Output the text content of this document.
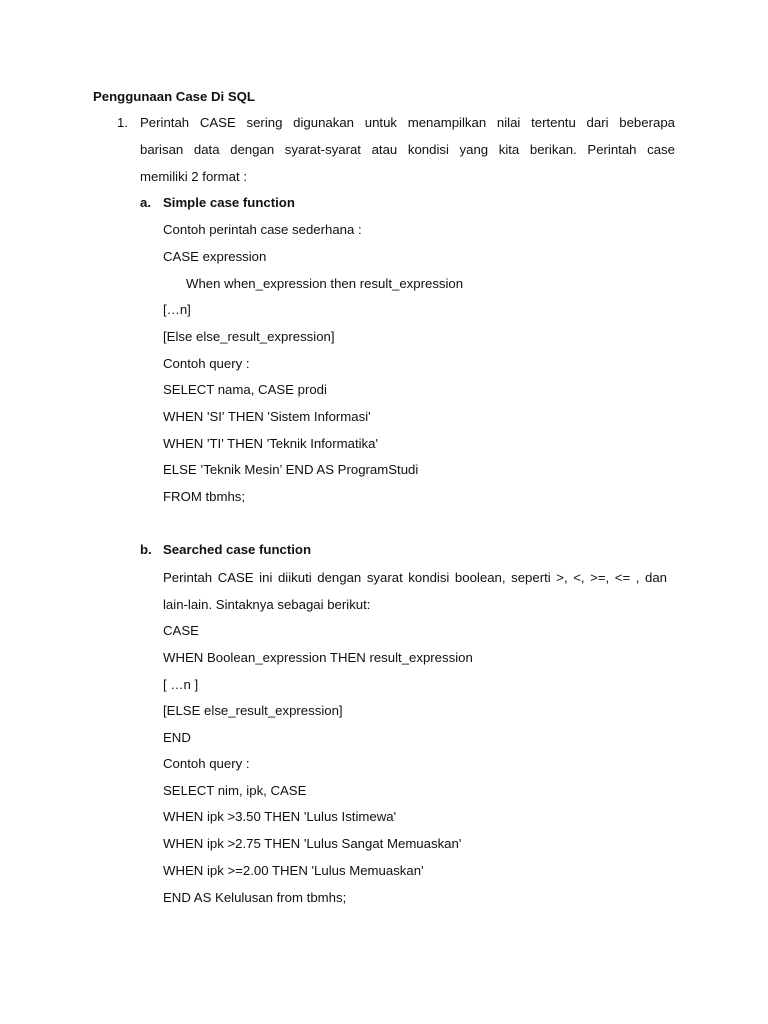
Penggunaan Case Di SQL
1. Perintah CASE sering digunakan untuk menampilkan nilai tertentu dari beberapa
barisan data dengan syarat-syarat atau kondisi yang kita berikan. Perintah case
memiliki 2 format :
a. Simple case function
Contoh perintah case sederhana :
CASE expression
When when_expression then result_expression
[…n]
[Else else_result_expression]
Contoh query :
SELECT nama, CASE prodi
WHEN 'SI' THEN 'Sistem Informasi'
WHEN 'TI' THEN 'Teknik Informatika'
ELSE ’Teknik Mesin’ END AS ProgramStudi
FROM tbmhs;
b. Searched case function
Perintah CASE ini diikuti dengan syarat kondisi boolean, seperti >, <, >=, <= , dan
lain-lain. Sintaknya sebagai berikut:
CASE
WHEN Boolean_expression THEN result_expression
[ …n ]
[ELSE else_result_expression]
END
Contoh query :
SELECT nim, ipk, CASE
WHEN ipk >3.50 THEN 'Lulus Istimewa'
WHEN ipk >2.75 THEN 'Lulus Sangat Memuaskan'
WHEN ipk >=2.00 THEN 'Lulus Memuaskan'
END AS Kelulusan from tbmhs;
